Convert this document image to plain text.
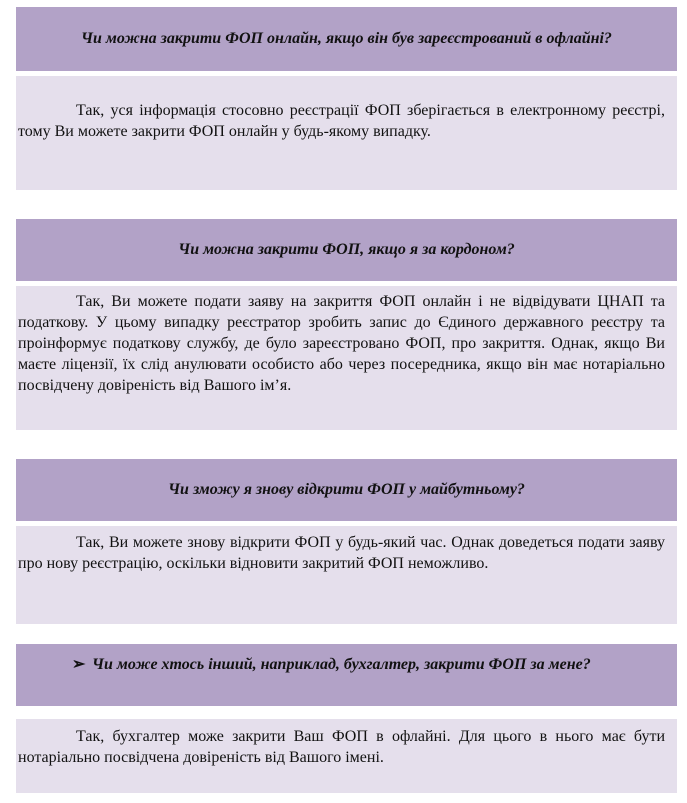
Чи можна закрити ФОП онлайн, якщо він був зареєстрований в офлайні?

Так, уся інформація стосовно реєстрації ФОП зберігається в електронному реєстрі, тому Ви можете закрити ФОП онлайн у будь-якому випадку.

Чи можна закрити ФОП, якщо я за кордоном?

Так, Ви можете подати заяву на закриття ФОП онлайн і не відвідувати ЦНАП та податкову. У цьому випадку реєстратор зробить запис до Єдиного державного реєстру та проінформує податкову службу, де було зареєстровано ФОП, про закриття. Однак, якщо Ви маєте ліцензії, їх слід анулювати особисто або через посередника, якщо він має нотаріально посвідчену довіреність від Вашого ім’я.

Чи зможу я знову відкрити ФОП у майбутньому?

Так, Ви можете знову відкрити ФОП у будь-який час. Однак доведеться подати заяву про нову реєстрацію, оскільки відновити закритий ФОП неможливо.

➢ Чи може хтось інший, наприклад, бухгалтер, закрити ФОП за мене?

Так, бухгалтер може закрити Ваш ФОП в офлайні. Для цього в нього має бути нотаріально посвідчена довіреність від Вашого імені.
